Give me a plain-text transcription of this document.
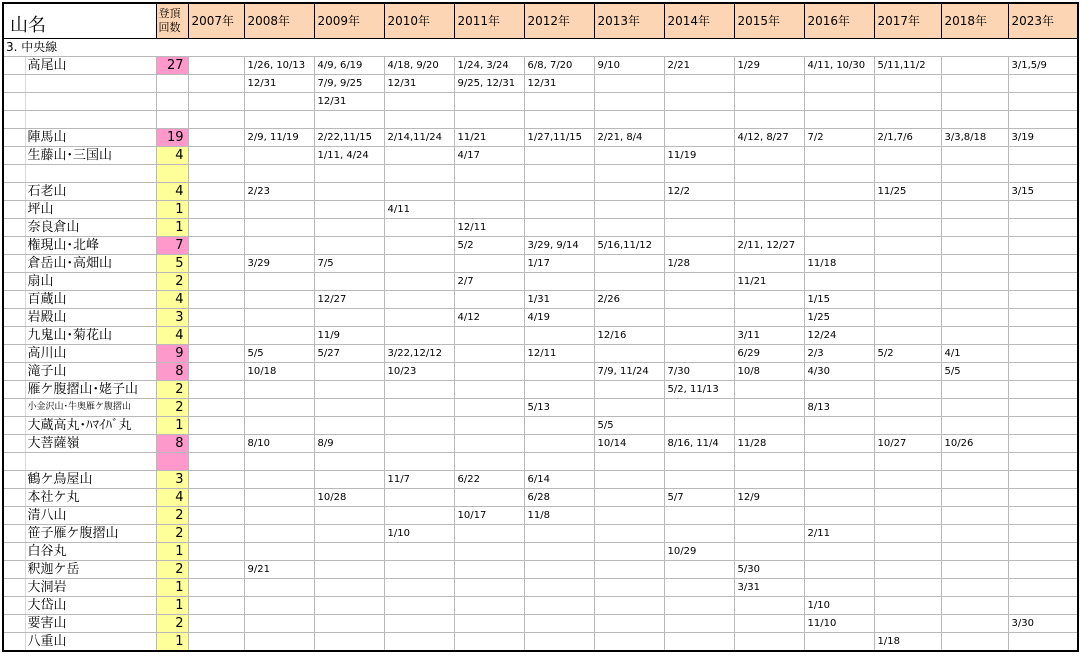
山名		登頂回数	2007年	2008年	2009年	2010年	2011年	2012年	2013年	2014年	2015年	2016年	2017年	2018年	2023年
3. 中央線															
	高尾山	27		1/26, 10/13	4/9, 6/19	4/18, 9/20	1/24, 3/24	6/8, 7/20	9/10	2/21	1/29	4/11, 10/30	5/11,11/2		3/1,5/9
				12/31	7/9, 9/25	12/31	9/25, 12/31	12/31							
					12/31										

	陣馬山	19		2/9, 11/19	2/22,11/15	2/14,11/24	11/21	1/27,11/15	2/21, 8/4		4/12, 8/27	7/2	2/1,7/6	3/3,8/18	3/19
	生藤山･三国山	4			1/11, 4/24		4/17			11/19					

	石老山	4		2/23						12/2			11/25		3/15
	坪山	1				4/11									
	奈良倉山	1					12/11								
	権現山･北峰	7					5/2	3/29, 9/14	5/16,11/12		2/11, 12/27				
	倉岳山･高畑山	5		3/29	7/5			1/17		1/28		11/18			
	扇山	2					2/7				11/21				
	百蔵山	4			12/27			1/31	2/26			1/15			
	岩殿山	3					4/12	4/19				1/25			
	九鬼山･菊花山	4			11/9				12/16		3/11	12/24			
	高川山	9		5/5	5/27	3/22,12/12		12/11			6/29	2/3	5/2	4/1	
	滝子山	8		10/18		10/23			7/9, 11/24	7/30	10/8	4/30		5/5	
	雁ケ腹摺山･姥子山	2								5/2, 11/13					
	小金沢山･牛奥雁ケ腹摺山	2						5/13				8/13			
	大蔵高丸･ﾊﾏｲﾊﾞ丸	1							5/5						
	大菩薩嶺	8		8/10	8/9				10/14	8/16, 11/4	11/28		10/27	10/26	

	鶴ケ鳥屋山	3				11/7	6/22	6/14							
	本社ケ丸	4			10/28			6/28		5/7	12/9				
	清八山	2					10/17	11/8							
	笹子雁ケ腹摺山	2				1/10						2/11			
	白谷丸	1								10/29					
	釈迦ケ岳	2		9/21							5/30				
	大洞岩	1									3/31				
	大岱山	1										1/10			
	要害山	2										11/10			3/30
	八重山	1											1/18		
